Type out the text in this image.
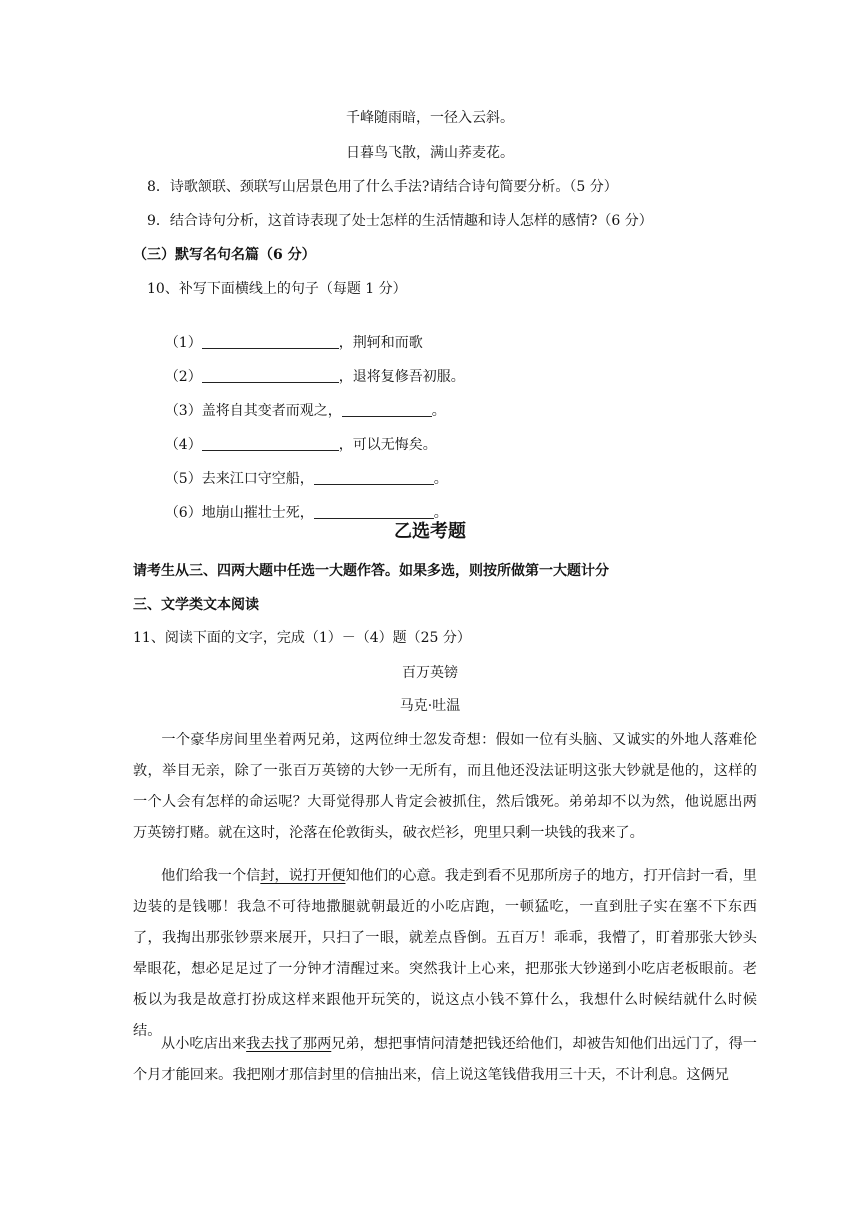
千峰随雨暗，一径入云斜。
日暮鸟飞散，满山荞麦花。
8．诗歌颔联、颈联写山居景色用了什么手法?请结合诗句简要分析。（5 分）
9．结合诗句分析，这首诗表现了处士怎样的生活情趣和诗人怎样的感情?（6 分）
（三）默写名句名篇（6 分）
10、补写下面横线上的句子（每题 1 分）

（1）	，荆轲和而歌

（2）	，退将复修吾初服。

（3）盖将自其变者而观之，	。

（4）	，可以无悔矣。

（5）去来江口守空船，	。

（6）地崩山摧壮士死，	。

乙选考题
请考生从三、四两大题中任选一大题作答。如果多选，则按所做第一大题计分
三、文学类文本阅读
11、阅读下面的文字，完成（1）－（4）题（25 分）
百万英镑
马克·吐温
一个豪华房间里坐着两兄弟，这两位绅士忽发奇想：假如一位有头脑、又诚实的外地人落难伦敦，举目无亲，除了一张百万英镑的大钞一无所有，而且他还没法证明这张大钞就是他的，这样的一个人会有怎样的命运呢？大哥觉得那人肯定会被抓住，然后饿死。弟弟却不以为然，他说愿出两万英镑打赌。就在这时，沦落在伦敦街头，破衣烂衫，兜里只剩一块钱的我来了。
他们给我一个信封，说打开便知他们的心意。我走到看不见那所房子的地方，打开信封一看，里边装的是钱哪！我急不可待地撒腿就朝最近的小吃店跑，一顿猛吃，一直到肚子实在塞不下东西了，我掏出那张钞票来展开，只扫了一眼，就差点昏倒。五百万！乖乖，我懵了，盯着那张大钞头晕眼花，想必足足过了一分钟才清醒过来。突然我计上心来，把那张大钞递到小吃店老板眼前。老板以为我是故意打扮成这样来跟他开玩笑的，说这点小钱不算什么，我想什么时候结就什么时候结。
从小吃店出来我去找了那两兄弟，想把事情问清楚把钱还给他们，却被告知他们出远门了，得一个月才能回来。我把刚才那信封里的信抽出来，信上说这笔钱借我用三十天，不计利息。这俩兄
